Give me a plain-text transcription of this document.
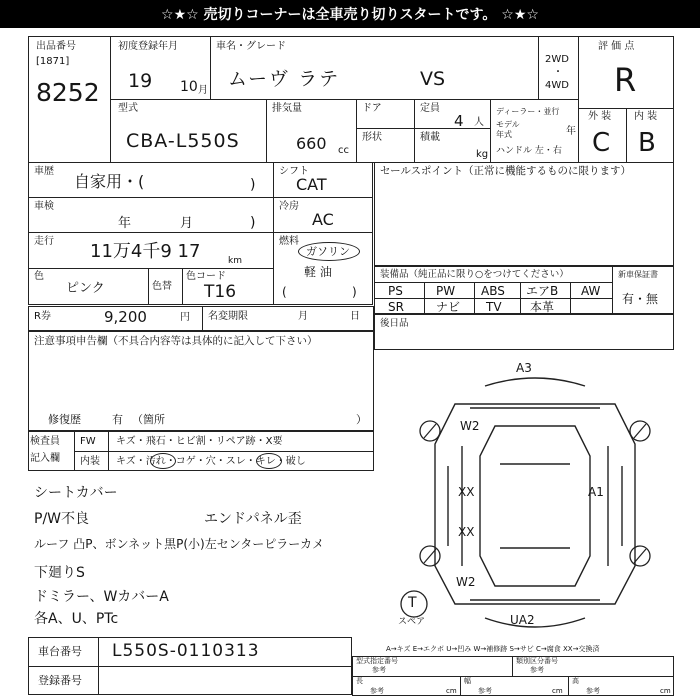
☆★☆ 売切りコーナーは全車売り切りスタートです。 ☆★☆
出品番号
[1871]
8252
初度登録年月
19 10 月
車名・グレード
ムーヴ ラテ	VS
2WD
・
4WD
評 価 点
R
型式
CBA-L550S
排気量
660 cc
ドア
形状
定員
4 人
積載
kg
ディーラー・並行
モデル
年式	年
ハンドル 左・右
外 装 内 装
C B
車歴
自家用・(	)
車検
年	月	)
走行 11万4千9 17	km
色
ピンク	色替
色コード
T16
シフト
CAT
冷房
AC
燃料
ガソリン
軽 油
(	)
セールスポイント（正常に機能するものに限ります）
装備品（純正品に限り○をつけてください）
PS	PW ABS エアB AW
SR	ナビ TV 本革
新車保証書
有・無
R券	9,200	円 名変期限	月	日
後日品
注意事項申告欄（不具合内容等は具体的に記入して下さい）
修復歴	有 （箇所	）
検査員
記入欄
FW キズ・飛石・ヒビ割・リペア跡・X要
内装 キズ・汚れ・コゲ・穴・スレ・キレ・破し
シートカバー
P/W不良	エンドパネル歪
ルーフ 凸P、ボンネット黒P(小)左センターピラーカメ
下廻りS
ドミラー、WカバーA
各A、U、PTc
車台番号 L550S-0110313
登録番号
A3
W2
XX	A1
XX
W2
UA2
T
スペア
A→キズ E→エクボ U→凹み W→補修跡 S→サビ C→腐食 XX→交換済
型式指定番号
参考
類別区分番号
参考
長
参考	cm
幅
参考	cm
高
参考	cm
